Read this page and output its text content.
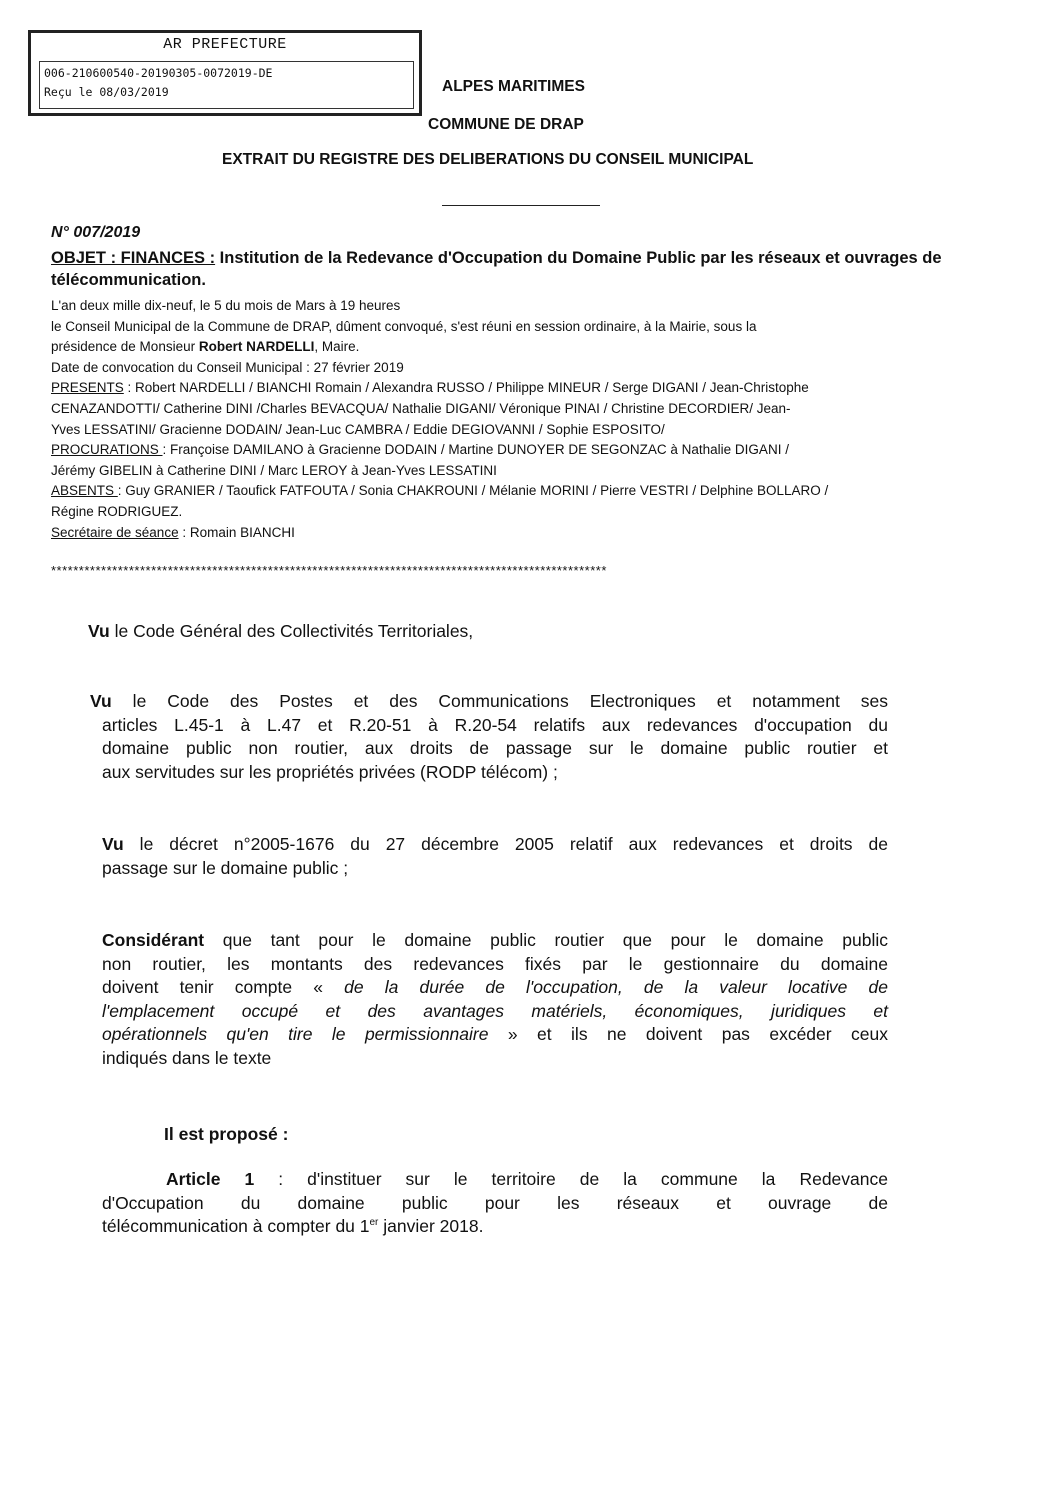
AR PREFECTURE
006-210600540-20190305-0072019-DE
Reçu le 08/03/2019	ALPES MARITIMES
COMMUNE DE DRAP
EXTRAIT DU REGISTRE DES DELIBERATIONS DU CONSEIL MUNICIPAL
N° 007/2019
OBJET : FINANCES : Institution de la Redevance d'Occupation du Domaine Public par les réseaux et ouvrages de télécommunication.
L'an deux mille dix-neuf, le 5 du mois de Mars à 19 heures
le Conseil Municipal de la Commune de DRAP, dûment convoqué, s'est réuni en session ordinaire, à la Mairie, sous la
présidence de Monsieur Robert NARDELLI, Maire.
Date de convocation du Conseil Municipal : 27 février 2019
PRESENTS : Robert NARDELLI / BIANCHI Romain / Alexandra RUSSO / Philippe MINEUR / Serge DIGANI / Jean-Christophe
CENAZANDOTTI/ Catherine DINI /Charles BEVACQUA/ Nathalie DIGANI/ Véronique PINAI / Christine DECORDIER/ Jean-
Yves LESSATINI/ Gracienne DODAIN/ Jean-Luc CAMBRA / Eddie DEGIOVANNI / Sophie ESPOSITO/
PROCURATIONS : Françoise DAMILANO à Gracienne DODAIN / Martine DUNOYER DE SEGONZAC à Nathalie DIGANI /
Jérémy GIBELIN à Catherine DINI / Marc LEROY à Jean-Yves LESSATINI
ABSENTS : Guy GRANIER / Taoufick FATFOUTA / Sonia CHAKROUNI / Mélanie MORINI / Pierre VESTRI / Delphine BOLLARO /
Régine RODRIGUEZ.
Secrétaire de séance : Romain BIANCHI
****************************************************************************************************
Vu le Code Général des Collectivités Territoriales,
Vu le Code des Postes et des Communications Electroniques et notamment ses
articles L.45-1 à L.47 et R.20-51 à R.20-54 relatifs aux redevances d'occupation du
domaine public non routier, aux droits de passage sur le domaine public routier et
aux servitudes sur les propriétés privées (RODP télécom) ;
Vu le décret n°2005-1676 du 27 décembre 2005 relatif aux redevances et droits de
passage sur le domaine public ;
Considérant que tant pour le domaine public routier que pour le domaine public
non routier, les montants des redevances fixés par le gestionnaire du domaine
doivent tenir compte « de la durée de l'occupation, de la valeur locative de
l'emplacement occupé et des avantages matériels, économiques, juridiques et
opérationnels qu'en tire le permissionnaire » et ils ne doivent pas excéder ceux
indiqués dans le texte
Il est proposé :
Article 1 : d'instituer sur le territoire de la commune la Redevance
d'Occupation du domaine public pour les réseaux et ouvrage de
télécommunication à compter du 1er janvier 2018.
